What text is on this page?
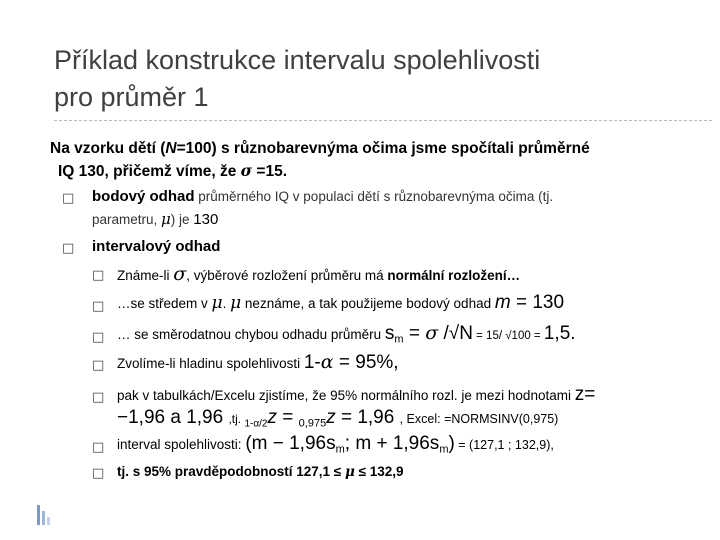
Příklad konstrukce intervalu spolehlivosti
pro průměr 1
Na vzorku dětí (N=100) s různobarevnýma očima jsme spočítali průměrné
IQ 130, přičemž víme, že σ =15.
□ bodový odhad průměrného IQ v populaci dětí s různobarevnýma očima (tj.
parametru, μ) je 130
□ intervalový odhad
□ Známe-li σ, výběrové rozložení průměru má normální rozložení…
□ …se středem v μ. μ neznáme, a tak použijeme bodový odhad m = 130
□ … se směrodatnou chybou odhadu průměru $s_m = \sigma$ /√N = 15/ √100 = 1,5.
□ Zvolíme-li hladinu spolehlivosti 1-α = 95%,
□ pak v tabulkách/Excelu zjistíme, že 95% normálního rozl. je mezi hodnotami z=
−1,96 a 1,96 ,tj. $_{1-\alpha/2}$z = $_{0,975}$z = 1,96 , Excel: =NORMSINV(0,975)
□ interval spolehlivosti: ($m - 1,96s_m$; $m + 1,96s_m) = (127,1$ ; 132,9),
□ tj. s 95% pravděpodobností 127,1 ≤ μ ≤ 132,9
